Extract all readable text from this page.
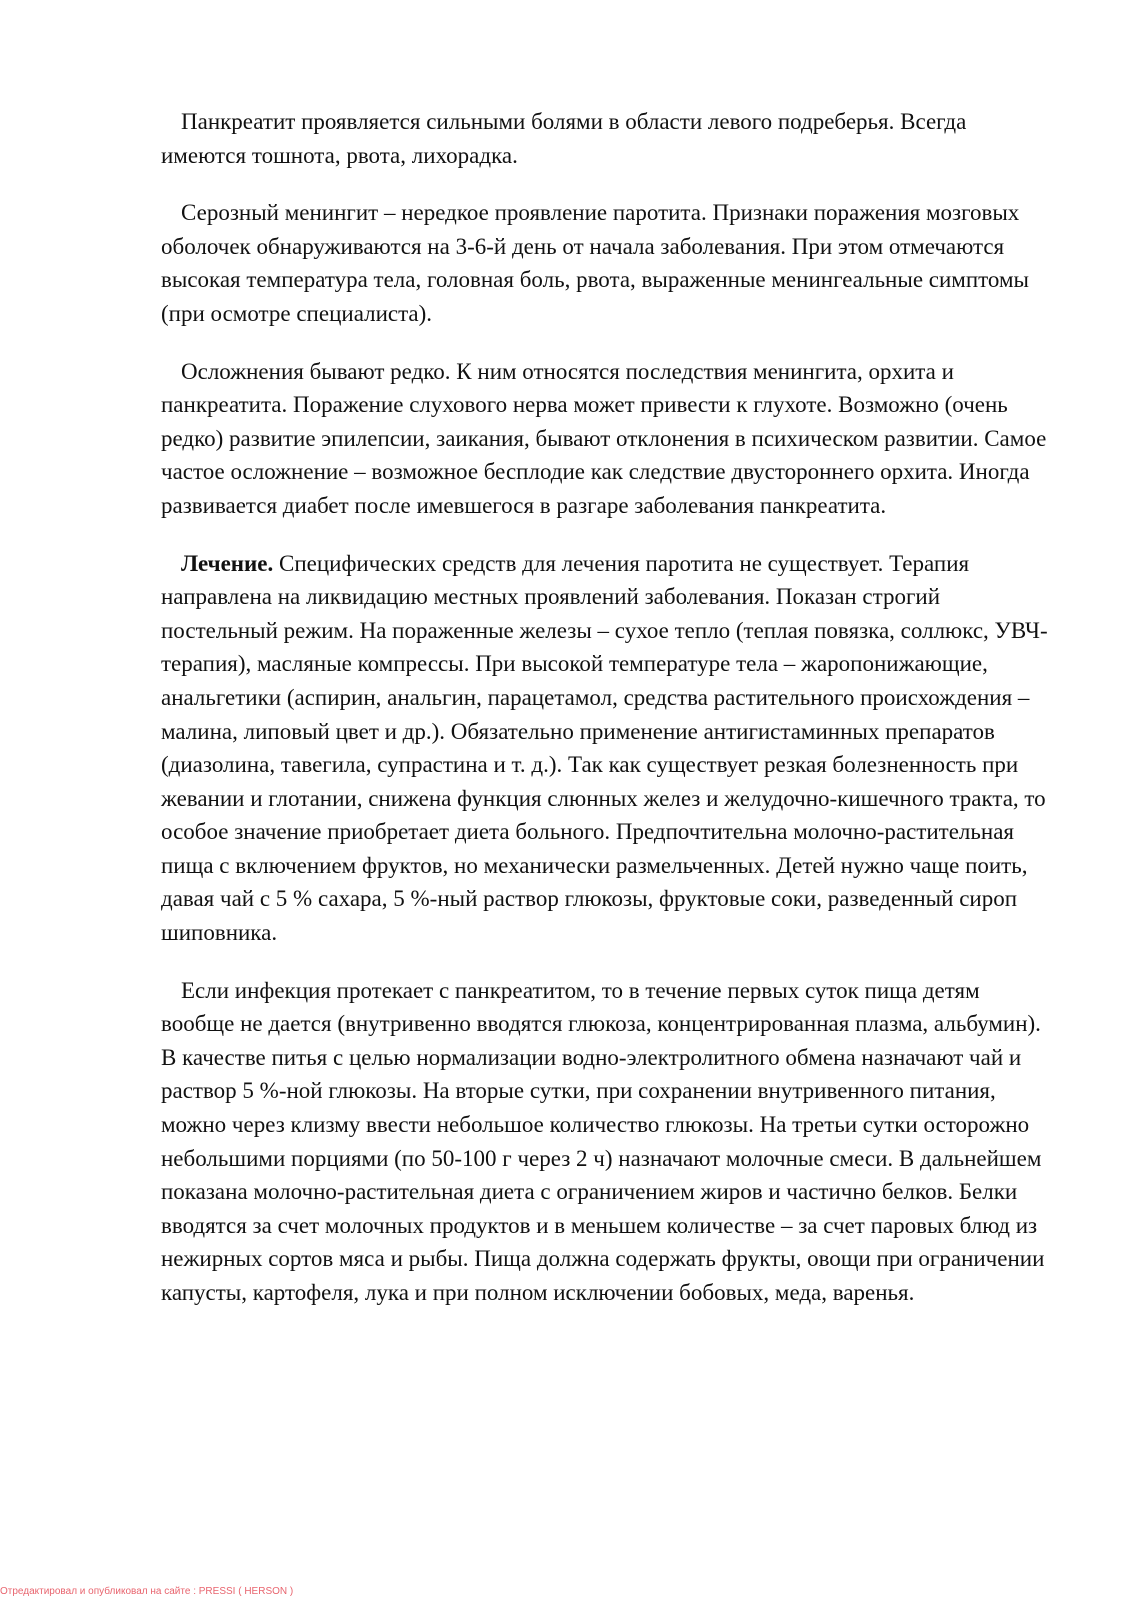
Панкреатит проявляется сильными болями в области левого подреберья. Всегда имеются тошнота, рвота, лихорадка.

Серозный менингит – нередкое проявление паротита. Признаки поражения мозговых оболочек обнаруживаются на 3-6-й день от начала заболевания. При этом отмечаются высокая температура тела, головная боль, рвота, выраженные менингеальные симптомы (при осмотре специалиста).

Осложнения бывают редко. К ним относятся последствия менингита, орхита и панкреатита. Поражение слухового нерва может привести к глухоте. Возможно (очень редко) развитие эпилепсии, заикания, бывают отклонения в психическом развитии. Самое частое осложнение – возможное бесплодие как следствие двустороннего орхита. Иногда развивается диабет после имевшегося в разгаре заболевания панкреатита.

Лечение. Специфических средств для лечения паротита не существует. Терапия направлена на ликвидацию местных проявлений заболевания. Показан строгий постельный режим. На пораженные железы – сухое тепло (теплая повязка, соллюкс, УВЧ-терапия), масляные компрессы. При высокой температуре тела – жаропонижающие, анальгетики (аспирин, анальгин, парацетамол, средства растительного происхождения – малина, липовый цвет и др.). Обязательно применение антигистаминных препаратов (диазолина, тавегила, супрастина и т. д.). Так как существует резкая болезненность при жевании и глотании, снижена функция слюнных желез и желудочно-кишечного тракта, то особое значение приобретает диета больного. Предпочтительна молочно-растительная пища с включением фруктов, но механически размельченных. Детей нужно чаще поить, давая чай с 5 % сахара, 5 %-ный раствор глюкозы, фруктовые соки, разведенный сироп шиповника.

Если инфекция протекает с панкреатитом, то в течение первых суток пища детям вообще не дается (внутривенно вводятся глюкоза, концентрированная плазма, альбумин). В качестве питья с целью нормализации водно-электролитного обмена назначают чай и раствор 5 %-ной глюкозы. На вторые сутки, при сохранении внутривенного питания, можно через клизму ввести небольшое количество глюкозы. На третьи сутки осторожно небольшими порциями (по 50-100 г через 2 ч) назначают молочные смеси. В дальнейшем показана молочно-растительная диета с ограничением жиров и частично белков. Белки вводятся за счет молочных продуктов и в меньшем количестве – за счет паровых блюд из нежирных сортов мяса и рыбы. Пища должна содержать фрукты, овощи при ограничении капусты, картофеля, лука и при полном исключении бобовых, меда, варенья.

Отредактировал и опубликовал на сайте : PRESSI ( HERSON )
